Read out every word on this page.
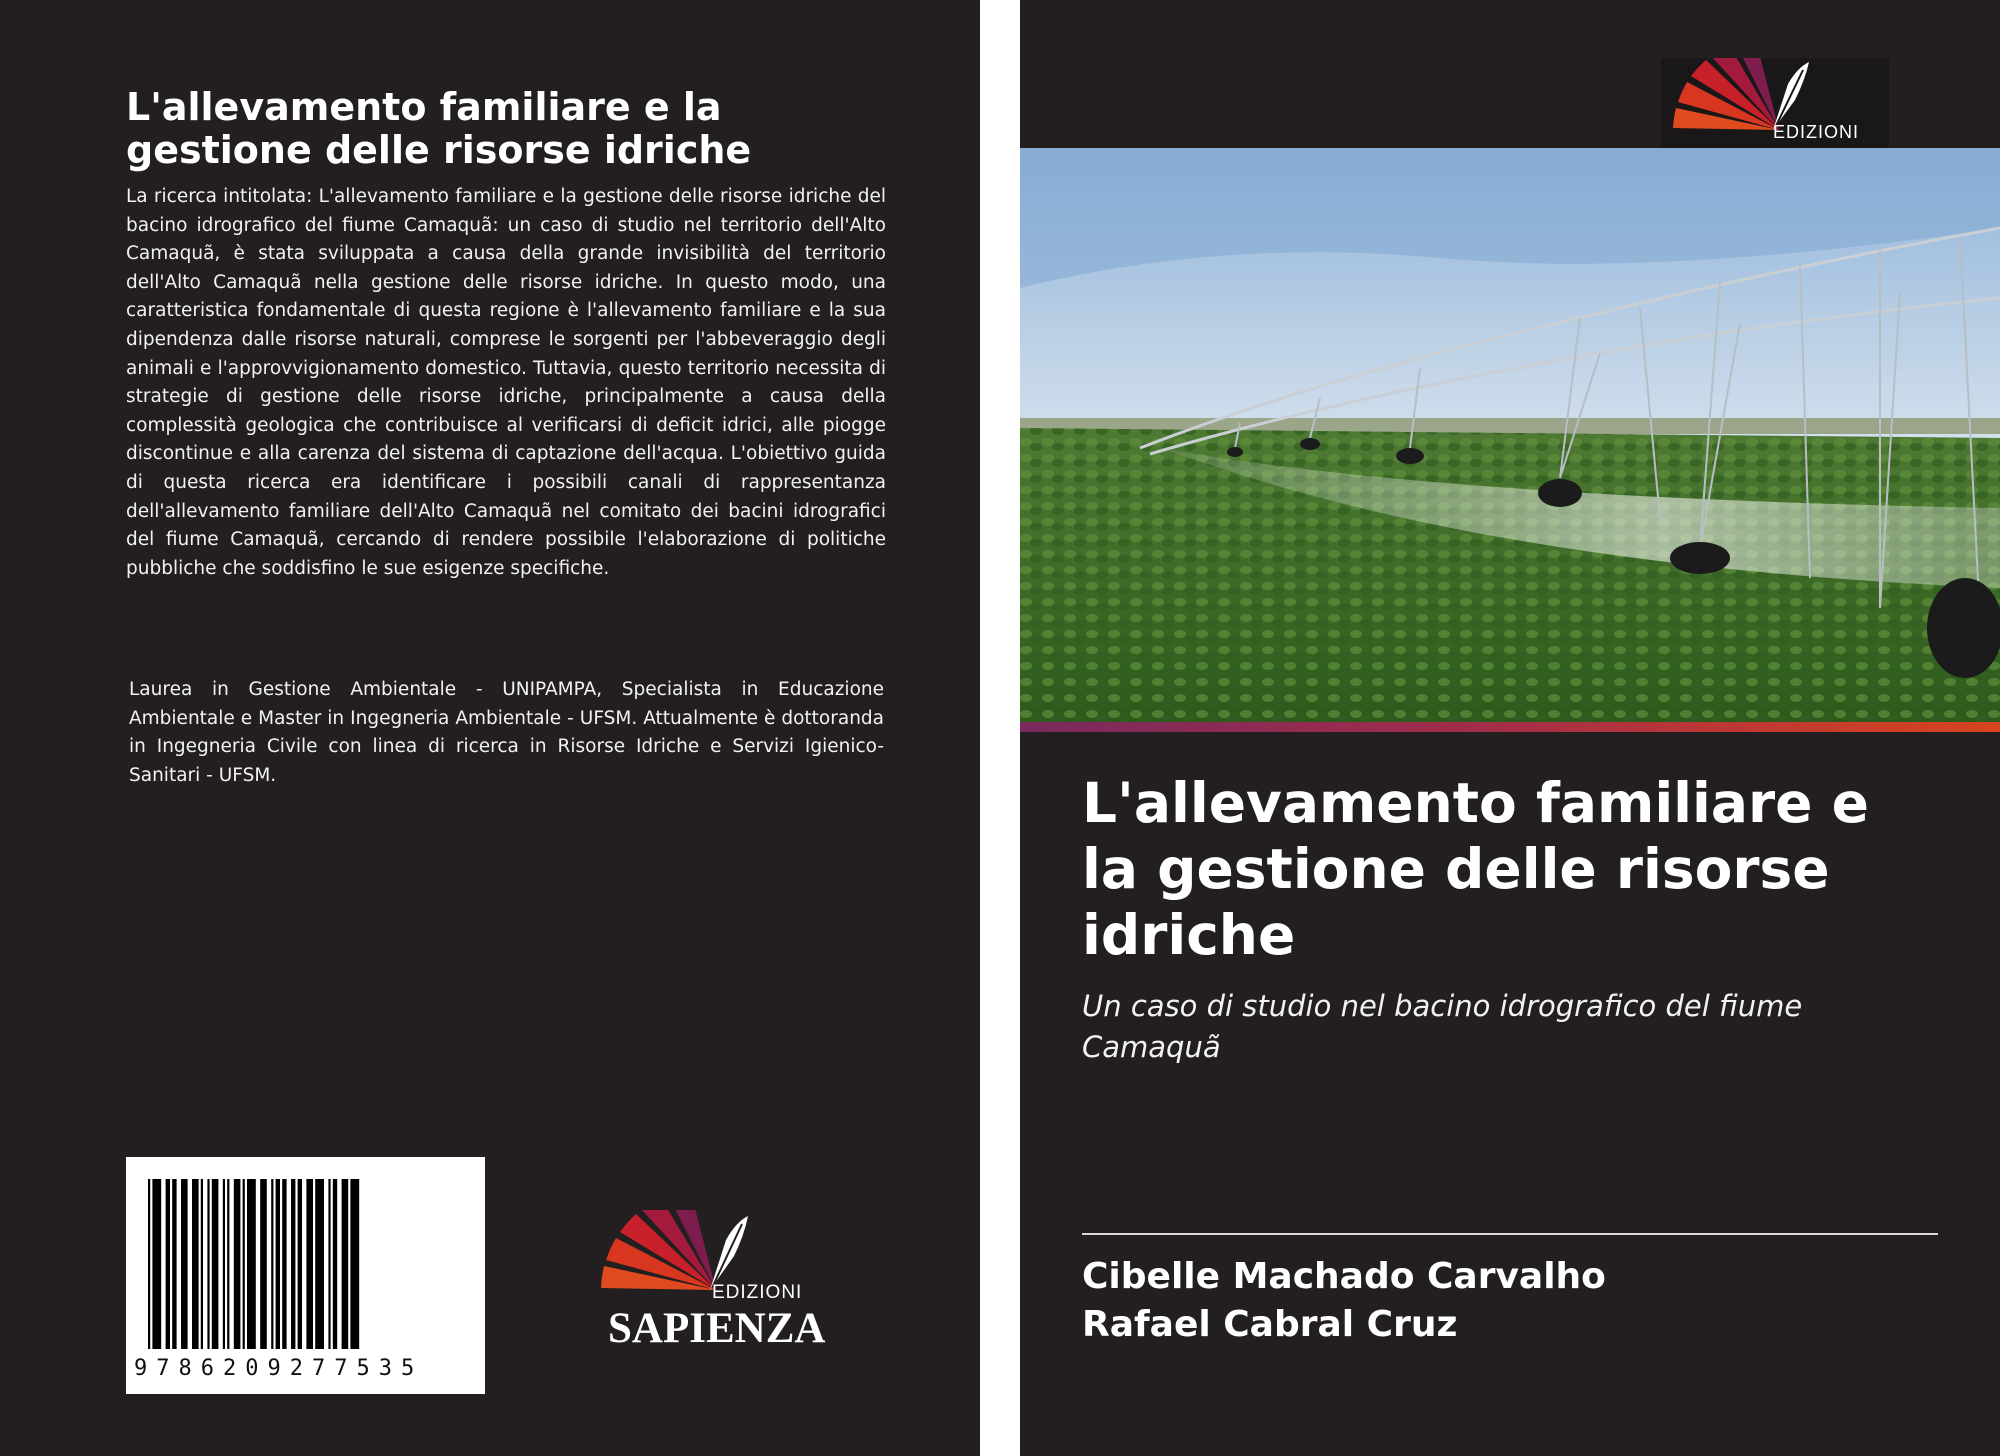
L'allevamento familiare e la gestione delle risorse idriche
La ricerca intitolata: L'allevamento familiare e la gestione delle risorse idriche del bacino idrografico del fiume Camaquã: un caso di studio nel territorio dell'Alto Camaquã, è stata sviluppata a causa della grande invisibilità del territorio dell'Alto Camaquã nella gestione delle risorse idriche. In questo modo, una caratteristica fondamentale di questa regione è l'allevamento familiare e la sua dipendenza dalle risorse naturali, comprese le sorgenti per l'abbeveraggio degli animali e l'approvvigionamento domestico. Tuttavia, questo territorio necessita di strategie di gestione delle risorse idriche, principalmente a causa della complessità geologica che contribuisce al verificarsi di deficit idrici, alle piogge discontinue e alla carenza del sistema di captazione dell'acqua. L'obiettivo guida di questa ricerca era identificare i possibili canali di rappresentanza dell'allevamento familiare dell'Alto Camaquã nel comitato dei bacini idrografici del fiume Camaquã, cercando di rendere possibile l'elaborazione di politiche pubbliche che soddisfino le sue esigenze specifiche.
Laurea in Gestione Ambientale - UNIPAMPA, Specialista in Educazione Ambientale e Master in Ingegneria Ambientale - UFSM. Attualmente è dottoranda in Ingegneria Civile con linea di ricerca in Risorse Idriche e Servizi Igienico-Sanitari - UFSM.
9786209277535
EDIZIONI
SAPIENZA
EDIZIONI
L'allevamento familiare e la gestione delle risorse idriche
Un caso di studio nel bacino idrografico del fiume Camaquã
Cibelle Machado Carvalho
Rafael Cabral Cruz
